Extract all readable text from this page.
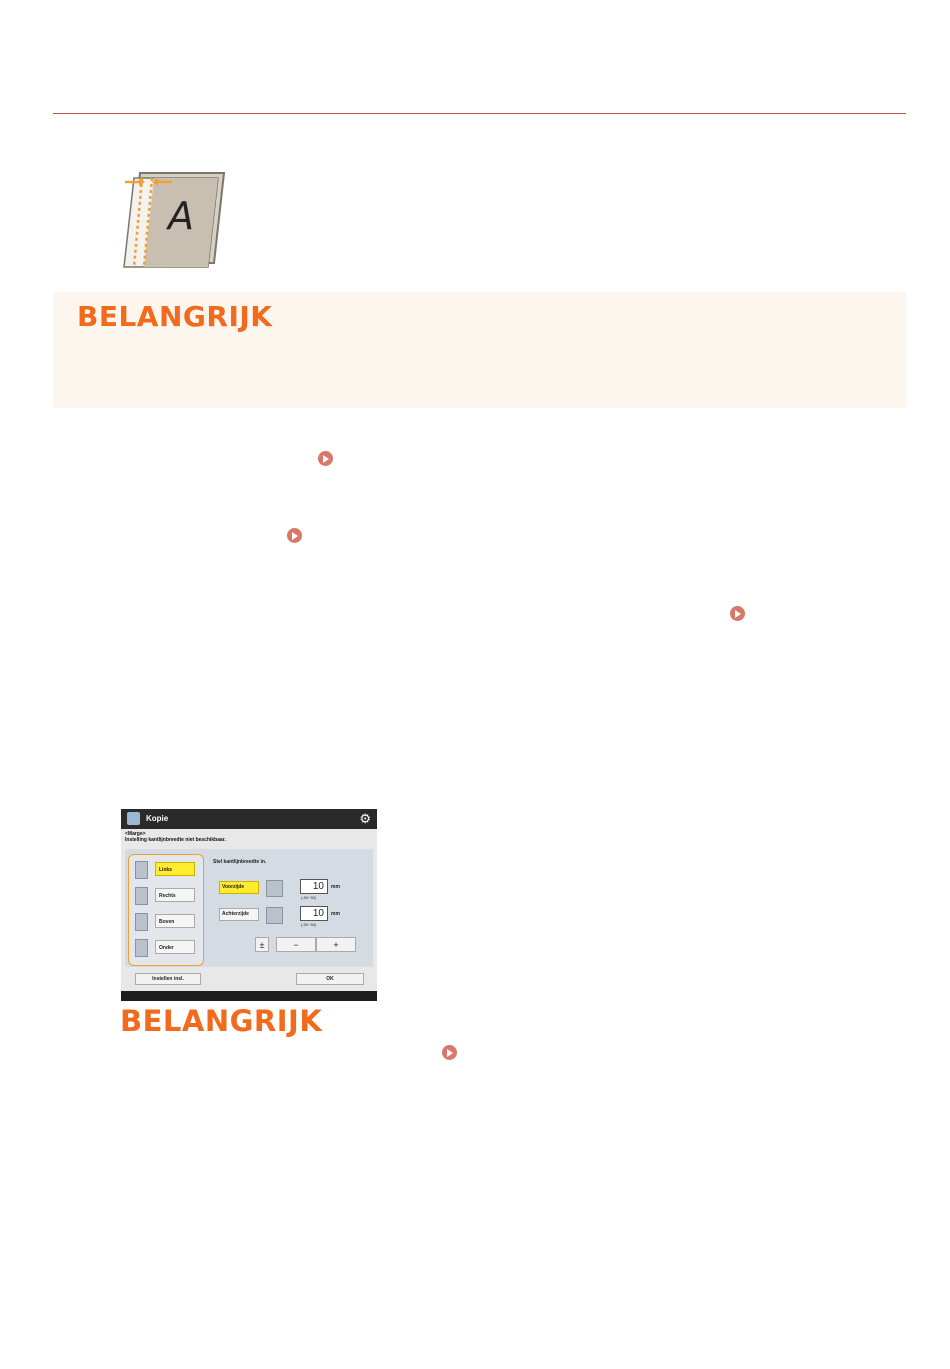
A
BELANGRIJK
Kopie	⚙
<Marge>
Instelling kantlijnbreedte niet beschikbaar.
Links
Rechts
Boven
Onder
Stel kantlijnbreedte in.
Voorzijde	10	mm
(-50~50)
Achterzijde	10	mm
(-50~50)
±	−	+
Instellen insl.	OK
BELANGRIJK
